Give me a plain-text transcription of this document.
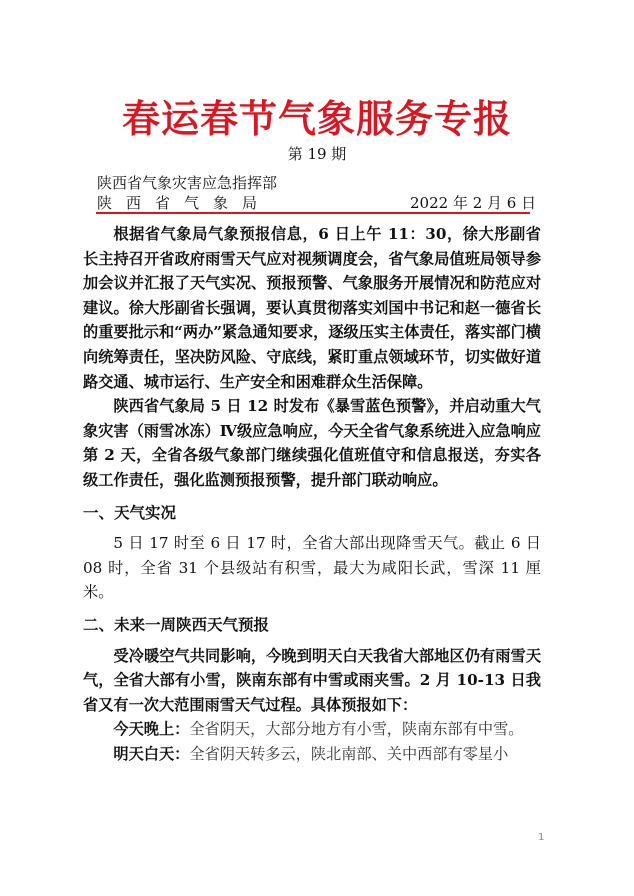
春运春节气象服务专报
第 19 期
陕西省气象灾害应急指挥部
陕西省气象局	2022 年 2 月 6 日

根据省气象局气象预报信息，6 日上午 11：30，徐大彤副省长主持召开省政府雨雪天气应对视频调度会，省气象局值班局领导参加会议并汇报了天气实况、预报预警、气象服务开展情况和防范应对建议。徐大彤副省长强调，要认真贯彻落实刘国中书记和赵一德省长的重要批示和“两办”紧急通知要求，逐级压实主体责任，落实部门横向统筹责任，坚决防风险、守底线，紧盯重点领域环节，切实做好道路交通、城市运行、生产安全和困难群众生活保障。

陕西省气象局 5 日 12 时发布《暴雪蓝色预警》，并启动重大气象灾害（雨雪冰冻）Ⅳ级应急响应，今天全省气象系统进入应急响应第 2 天，全省各级气象部门继续强化值班值守和信息报送，夯实各级工作责任，强化监测预报预警，提升部门联动响应。

一、天气实况

5 日 17 时至 6 日 17 时，全省大部出现降雪天气。截止 6 日 08 时，全省 31 个县级站有积雪，最大为咸阳长武，雪深 11 厘米。

二、未来一周陕西天气预报

受冷暖空气共同影响，今晚到明天白天我省大部地区仍有雨雪天气，全省大部有小雪，陕南东部有中雪或雨夹雪。2 月 10-13 日我省又有一次大范围雨雪天气过程。具体预报如下：

今天晚上：全省阴天，大部分地方有小雪，陕南东部有中雪。

明天白天：全省阴天转多云，陕北南部、关中西部有零星小

1
